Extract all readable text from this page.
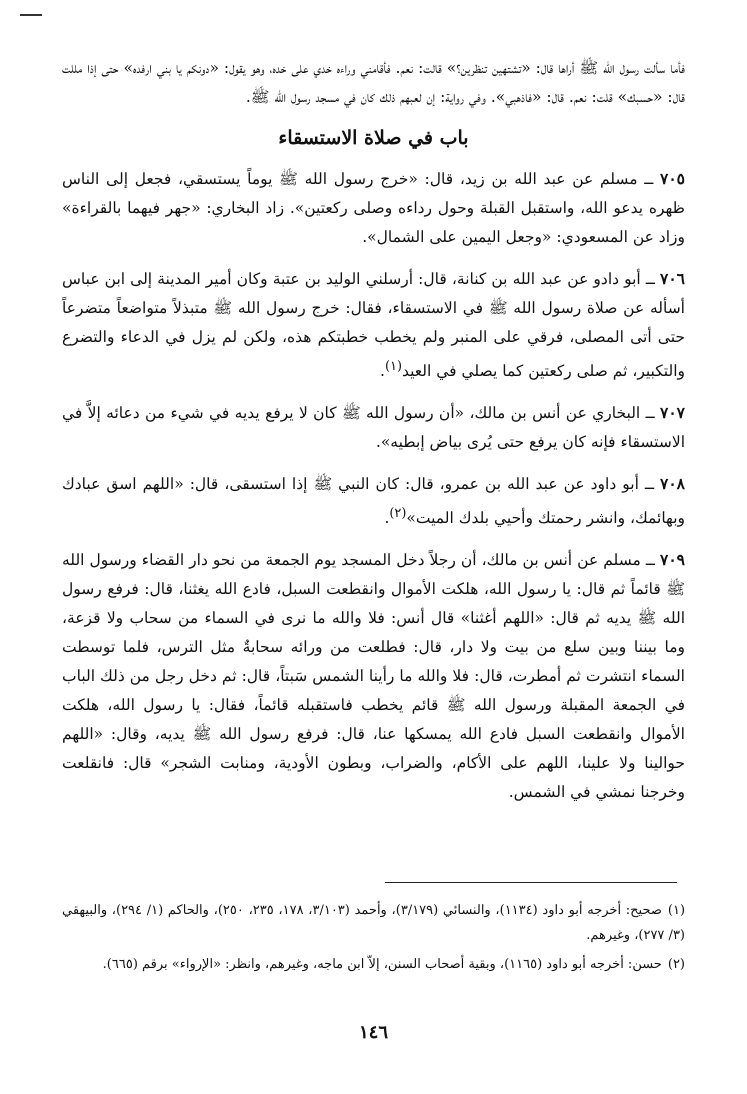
فأما سألت رسول الله ﷺ أراها قال: «تشتهين تنظرين؟» قالت: نعم. فأقامني وراءه خدي على خده، وهو يقول: «دونكم يا بني ارفده» حتى إذا مللت قال: «حسبك» قلت: نعم. قال: «فاذهبي». وفي رواية: إن لعبهم ذلك كان في مسجد رسول الله ﷺ.

باب في صلاة الاستسقاء

٧٠٥ ــ مسلم عن عبد الله بن زيد، قال: «خرج رسول الله ﷺ يوماً يستسقي، فجعل إلى الناس ظهره يدعو الله، واستقبل القبلة وحول رداءه وصلى ركعتين». زاد البخاري: «جهر فيهما بالقراءة» وزاد عن المسعودي: «وجعل اليمين على الشمال».

٧٠٦ ــ أبو دادو عن عبد الله بن كنانة، قال: أرسلني الوليد بن عتبة وكان أمير المدينة إلى ابن عباس أسأله عن صلاة رسول الله ﷺ في الاستسقاء، فقال: خرج رسول الله ﷺ متبذلاً متواضعاً متضرعاً حتى أتى المصلى، فرقي على المنبر ولم يخطب خطبتكم هذه، ولكن لم يزل في الدعاء والتضرع والتكبير، ثم صلى ركعتين كما يصلي في العيد$^{(١)}$.

٧٠٧ ــ البخاري عن أنس بن مالك، «أن رسول الله ﷺ كان لا يرفع يديه في شيء من دعائه إلاَّ في الاستسقاء فإنه كان يرفع حتى يُرى بياض إبطيه».

٧٠٨ ــ أبو داود عن عبد الله بن عمرو، قال: كان النبي ﷺ إذا استسقى، قال: «اللهم اسق عبادك وبهائمك، وانشر رحمتك وأحيي بلدك الميت»$^{(٢)}$.

٧٠٩ ــ مسلم عن أنس بن مالك، أن رجلاً دخل المسجد يوم الجمعة من نحو دار القضاء ورسول الله ﷺ قائماً ثم قال: يا رسول الله، هلكت الأموال وانقطعت السبل، فادع الله يغثنا، قال: فرفع رسول الله ﷺ يديه ثم قال: «اللهم أغثنا» قال أنس: فلا والله ما نرى في السماء من سحاب ولا قزعة، وما بيننا وبين سلع من بيت ولا دار، قال: فطلعت من ورائه سحابةٌ مثل الترس، فلما توسطت السماء انتشرت ثم أمطرت، قال: فلا والله ما رأينا الشمس سَبتاً، قال: ثم دخل رجل من ذلك الباب في الجمعة المقبلة ورسول الله ﷺ قائم يخطب فاستقبله قائماً، فقال: يا رسول الله، هلكت الأموال وانقطعت السبل فادع الله يمسكها عنا، قال: فرفع رسول الله ﷺ يديه، وقال: «اللهم حوالينا ولا علينا، اللهم على الأكام، والضراب، وبطون الأودية، ومنابت الشجر» قال: فانقلعت وخرجنا نمشي في الشمس.

(١)صحيح: أخرجه أبو داود (١١٣٤)، والنسائي (٣/١٧٩)، وأحمد (٣/١٠٣، ١٧٨، ٢٣٥، ٢٥٠)، والحاكم (١/ ٢٩٤)، والبيهقي (٣/ ٢٧٧)، وغيرهم.

(٢)حسن: أخرجه أبو داود (١١٦٥)، وبقية أصحاب السنن، إلاّ ابن ماجه، وغيرهم، وانظر: «الإرواء» برقم (٦٦٥).

١٤٦
